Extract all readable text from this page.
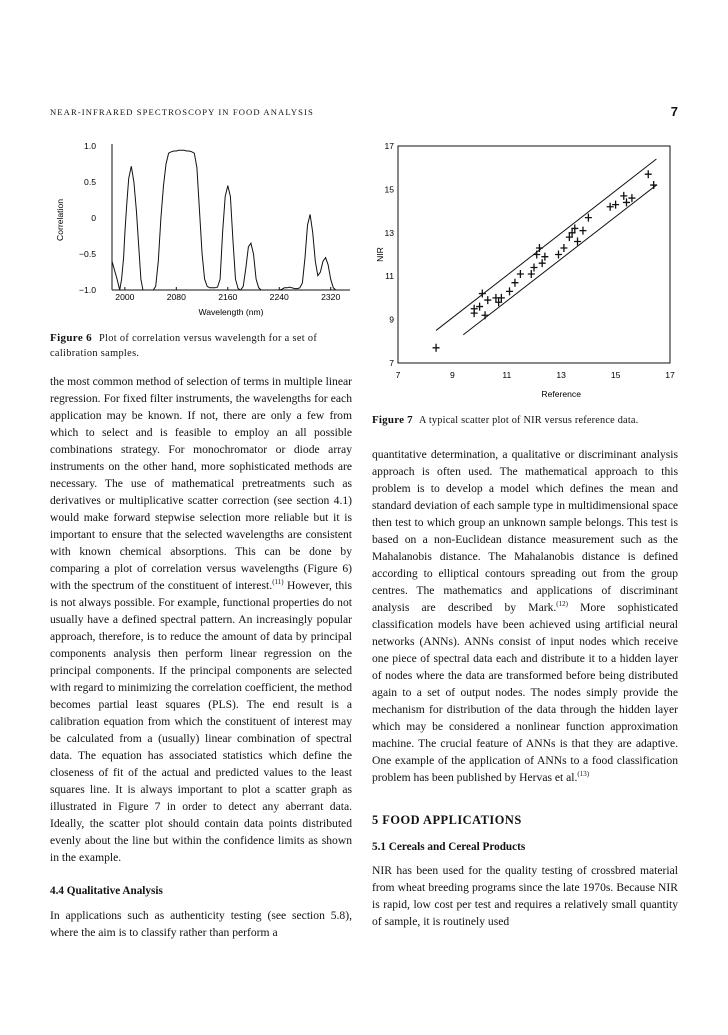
NEAR-INFRARED SPECTROSCOPY IN FOOD ANALYSIS	7
1.0
0.5
0
−0.5
−1.0
2000	2080	2160	2240	2320
Wavelength (nm)
Correlation
17
15
13
11
9
7
7	9	11	13	15	17
Reference
NIR
Figure 6 Plot of correlation versus wavelength for a set of calibration samples.
Figure 7 A typical scatter plot of NIR versus reference data.

the most common method of selection of terms in multiple linear regression. For fixed filter instruments, the wavelengths for each application may be known. If not, there are only a few from which to select and is feasible to employ an all possible combinations strategy. For monochromator or diode array instruments on the other hand, more sophisticated methods are necessary. The use of mathematical pretreatments such as derivatives or multiplicative scatter correction (see section 4.1) would make forward stepwise selection more reliable but it is important to ensure that the selected wavelengths are consistent with known chemical absorptions. This can be done by comparing a plot of correlation versus wavelengths (Figure 6) with the spectrum of the constituent of interest.$^{(11)}$ However, this is not always possible. For example, functional properties do not usually have a defined spectral pattern. An increasingly popular approach, therefore, is to reduce the amount of data by principal components analysis then perform linear regression on the principal components. If the principal components are selected with regard to minimizing the correlation coefficient, the method becomes partial least squares (PLS). The end result is a calibration equation from which the constituent of interest may be calculated from a (usually) linear combination of spectral data. The equation has associated statistics which define the closeness of fit of the actual and predicted values to the least squares line. It is always important to plot a scatter graph as illustrated in Figure 7 in order to detect any aberrant data. Ideally, the scatter plot should contain data points distributed evenly about the line but within the confidence limits as shown in the example.

4.4 Qualitative Analysis

In applications such as authenticity testing (see section 5.8), where the aim is to classify rather than perform a

quantitative determination, a qualitative or discriminant analysis approach is often used. The mathematical approach to this problem is to develop a model which defines the mean and standard deviation of each sample type in multidimensional space then test to which group an unknown sample belongs. This test is based on a non-Euclidean distance measurement such as the Mahalanobis distance. The Mahalanobis distance is defined according to elliptical contours spreading out from the group centres. The mathematics and applications of discriminant analysis are described by Mark.$^{(12)}$ More sophisticated classification models have been achieved using artificial neural networks (ANNs). ANNs consist of input nodes which receive one piece of spectral data each and distribute it to a hidden layer of nodes where the data are transformed before being distributed again to a set of output nodes. The nodes simply provide the mechanism for distribution of the data through the hidden layer which may be considered a nonlinear function approximation machine. The crucial feature of ANNs is that they are adaptive. One example of the application of ANNs to a food classification problem has been published by Hervas et al.$^{(13)}$

5 FOOD APPLICATIONS

5.1 Cereals and Cereal Products

NIR has been used for the quality testing of crossbred material from wheat breeding programs since the late 1970s. Because NIR is rapid, low cost per test and requires a relatively small quantity of sample, it is routinely used
